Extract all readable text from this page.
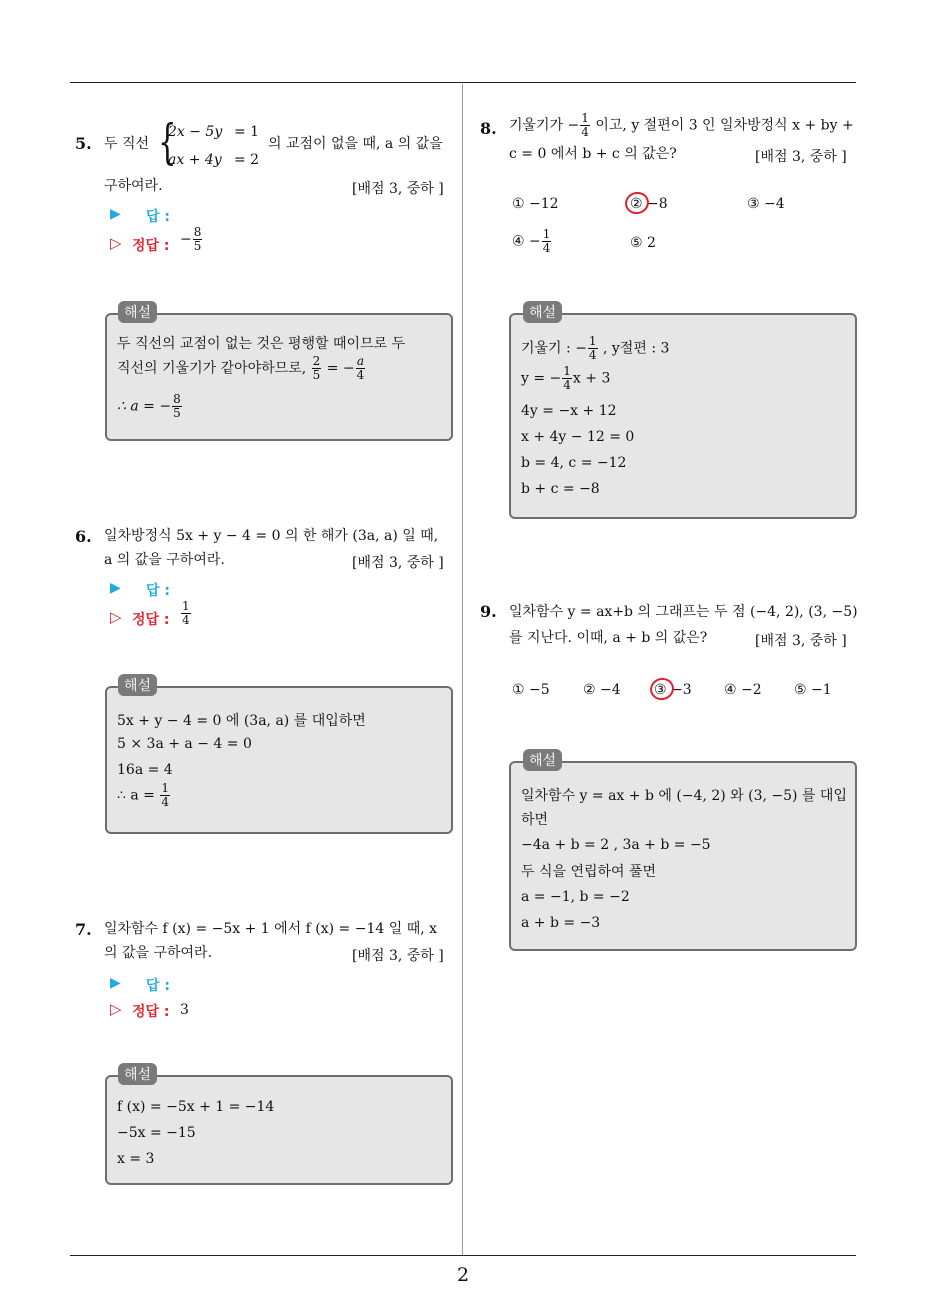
2
5. 두 직선 {
2x − 5y = 1
ax + 4y = 2
의 교점이 없을 때, a 의 값을
구하여라.	[배점 3, 중하 ]
▶ 답 :
▷ 정답 : − $\frac{8}{5}$
두 직선의 교점이 없는 것은 평행할 때이므로 두
직선의 기울기가 같아야하므로, $\frac{2}{5}$ = − $\frac{a}{4}$
∴ a = − $\frac{8}{5}$
해설
6. 일차방정식 5x + y − 4 = 0 의 한 해가 (3a, a) 일 때,
a 의 값을 구하여라.	[배점 3, 중하 ]
▶ 답 :
▷ 정답 : $\frac{1}{4}$
5x + y − 4 = 0 에 (3a, a) 를 대입하면
5 × 3a + a − 4 = 0
16a = 4
∴ $a = \frac{1}{4}$
해설
7. 일차함수 f (x) = −5x + 1 에서 f (x) = −14 일 때, x
의 값을 구하여라.	[배점 3, 중하 ]
▶ 답 :
▷ 정답 : 3
f (x) = −5x + 1 = −14
−5x = −15
x = 3
해설
8. 기울기가 − $\frac{1}{4}$ 이고, y 절편이 3 인 일차방정식 x + by +
c = 0 에서 b + c 의 값은?	[배점 3, 중하 ]
① −12	② −8	③ −4
④ − $\frac{1}{4}$	⑤ 2
기울기 : − $\frac{1}{4}$ , y절편 : 3
y = − $\frac{1}{4}$ x + 3
4y = −x + 12
x + 4y − 12 = 0
b = 4, c = −12
b + c = −8
해설
9. 일차함수 y = ax+b 의 그래프는 두 점 (−4, 2), (3, −5)
를 지난다. 이때, a + b 의 값은?	[배점 3, 중하 ]
① −5 ② −4 ③ −3 ④ −2 ⑤ −1
일차함수 y = ax + b 에 (−4, 2) 와 (3, −5) 를 대입
하면
−4a + b = 2 , 3a + b = −5
두 식을 연립하여 풀면
a = −1, b = −2
a + b = −3
해설
